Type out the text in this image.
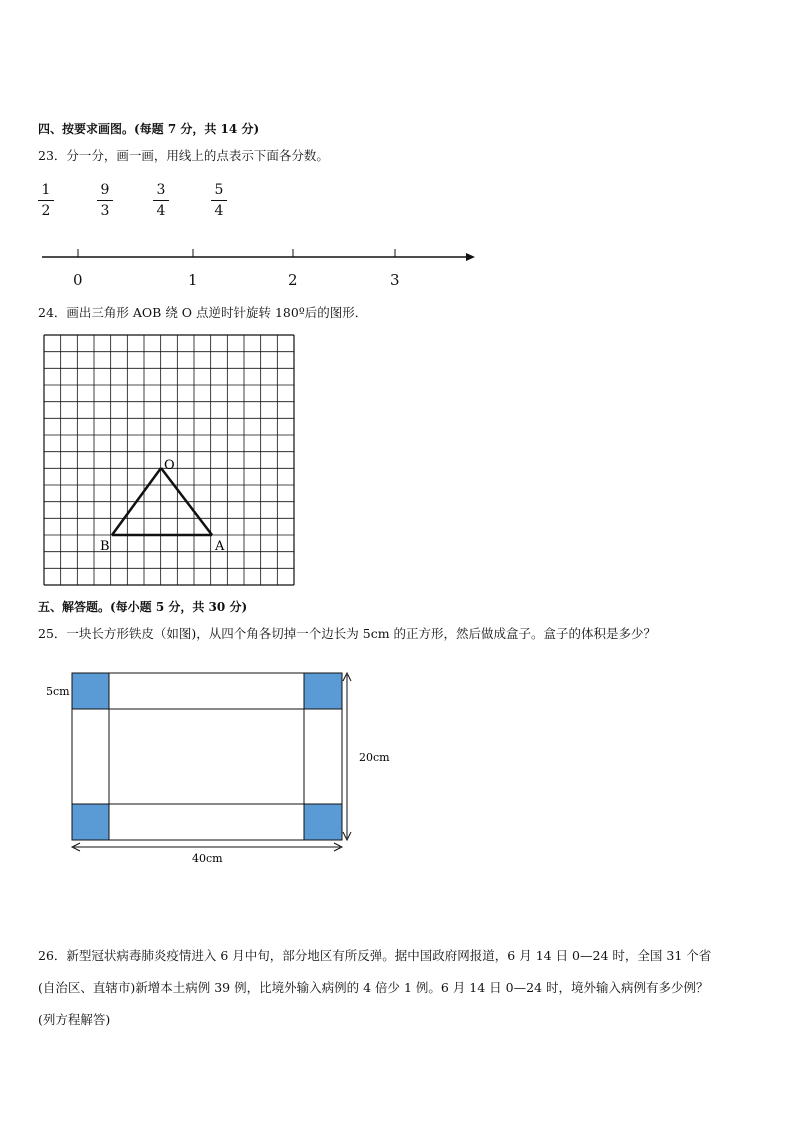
四、按要求画图。(每题 7 分，共 14 分)
23．分一分，画一画，用线上的点表示下面各分数。
1
2
9
3
3
4
5
4
0	1	2	3
24．画出三角形 AOB 绕 O 点逆时针旋转 180º后的图形．
O
B	A
五、解答题。(每小题 5 分，共 30 分)
25．一块长方形铁皮（如图)，从四个角各切掉一个边长为 5cm 的正方形，然后做成盒子。盒子的体积是多少？
5cm
20cm
40cm
26．新型冠状病毒肺炎疫情进入 6 月中旬，部分地区有所反弹。据中国政府网报道，6 月 14 日 0—24 时，全国 31 个省
(自治区、直辖市)新增本土病例 39 例，比境外输入病例的 4 倍少 1 例。6 月 14 日 0—24 时，境外输入病例有多少例？
(列方程解答)
